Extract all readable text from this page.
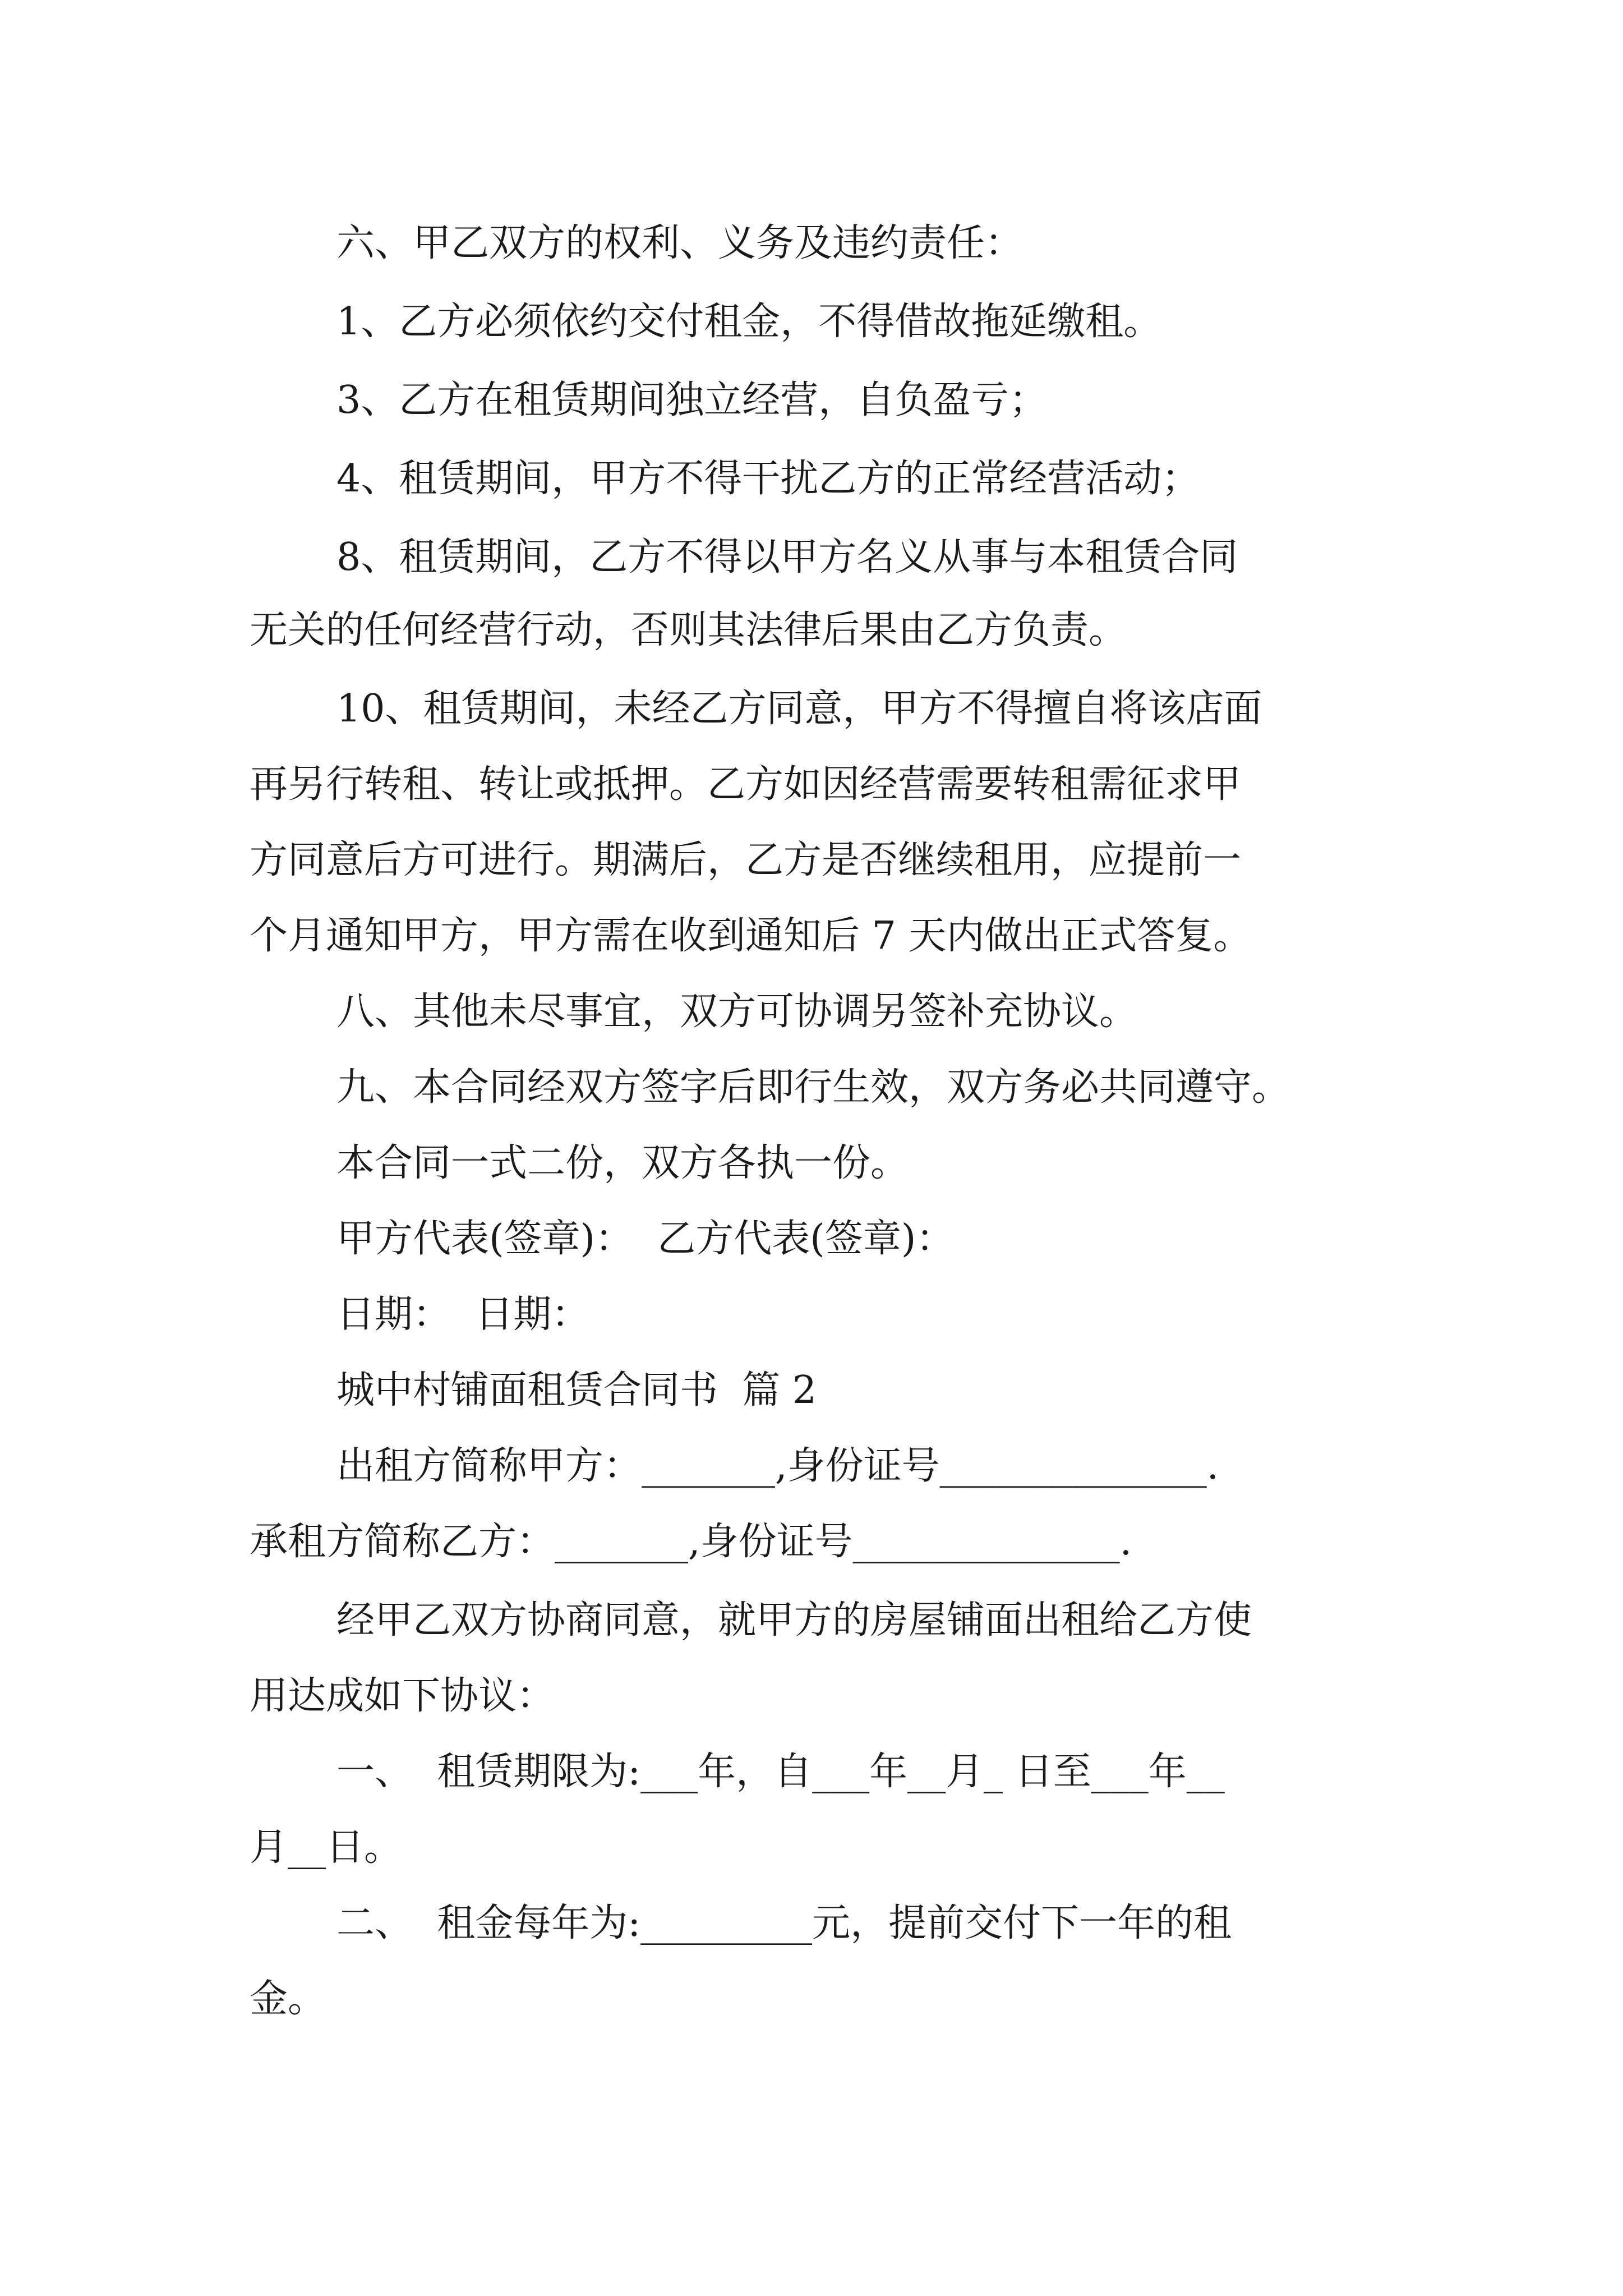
六、甲乙双方的权利、义务及违约责任：
1、乙方必须依约交付租金，不得借故拖延缴租。
3、乙方在租赁期间独立经营，自负盈亏；
4、租赁期间，甲方不得干扰乙方的正常经营活动；
8、租赁期间，乙方不得以甲方名义从事与本租赁合同
无关的任何经营行动，否则其法律后果由乙方负责。
10、租赁期间，未经乙方同意，甲方不得擅自将该店面
再另行转租、转让或抵押。乙方如因经营需要转租需征求甲
方同意后方可进行。期满后，乙方是否继续租用，应提前一
个月通知甲方，甲方需在收到通知后 7 天内做出正式答复。
八、其他未尽事宜，双方可协调另签补充协议。
九、本合同经双方签字后即行生效，双方务必共同遵守。
本合同一式二份，双方各执一份。
甲方代表(签章)：  乙方代表(签章)：
日期：  日期：
城中村铺面租赁合同书  篇 2
出租方简称甲方：_______,身份证号______________.
承租方简称乙方：_______,身份证号______________.
经甲乙双方协商同意，就甲方的房屋铺面出租给乙方使
用达成如下协议：
一、  租赁期限为:___年，自___年__月_ 日至___年__
月__日。
二、  租金每年为:_________元，提前交付下一年的租
金。
